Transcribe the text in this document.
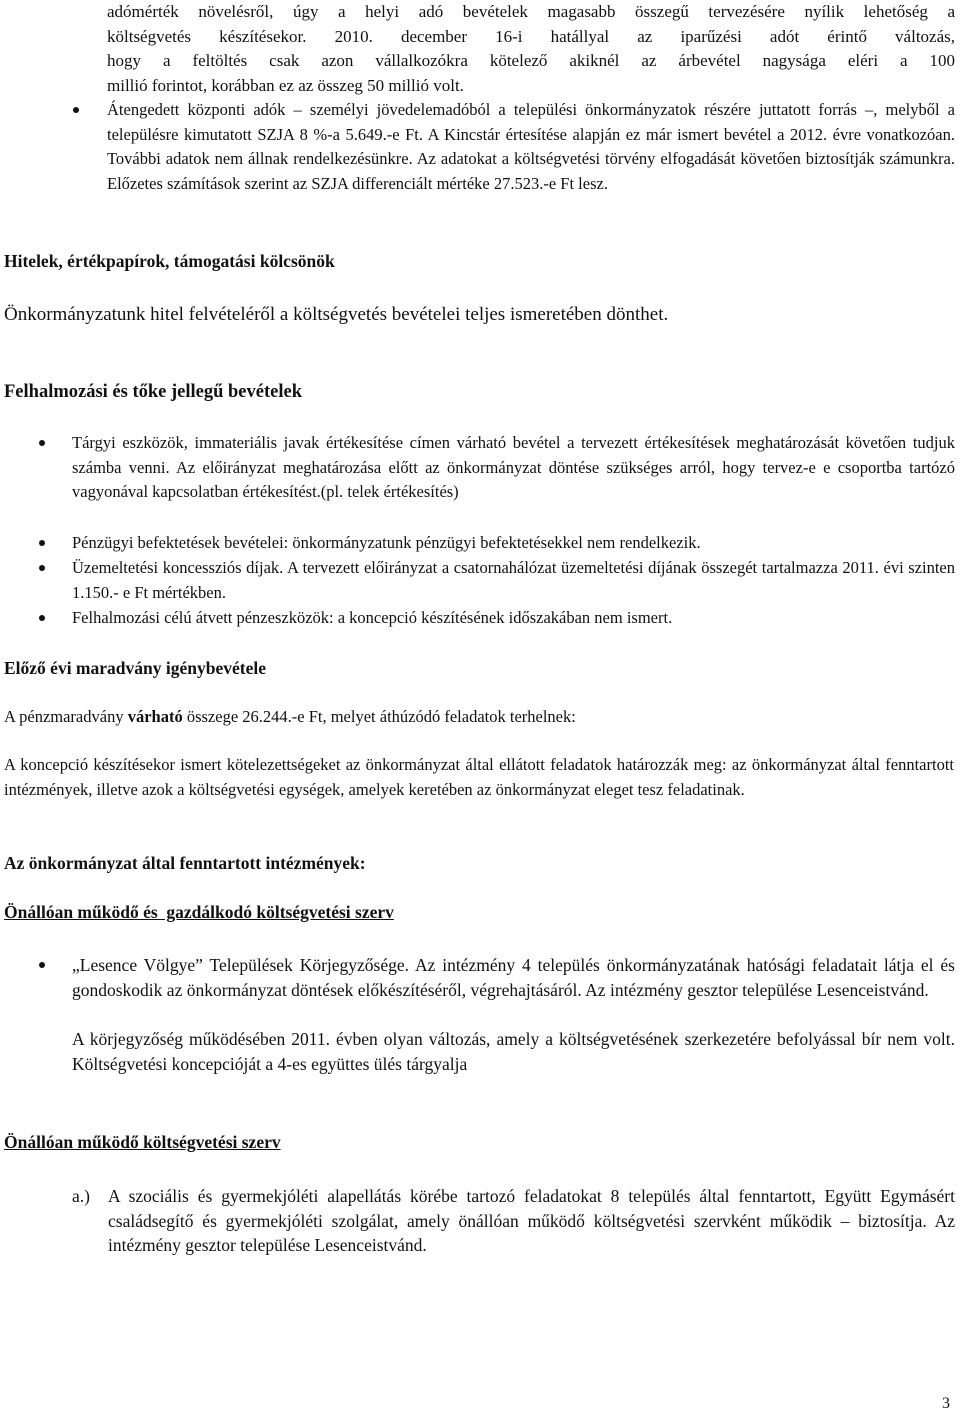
adómérték növelésről, úgy a helyi adó bevételek magasabb összegű tervezésére nyílik lehetőség a
költségvetés készítésekor. 2010. december 16-i hatállyal az iparűzési adót érintő változás,
hogy a feltöltés csak azon vállalkozókra kötelező akiknél az árbevétel nagysága eléri a 100
millió forintot, korábban ez az összeg 50 millió volt.

Átengedett központi adók – személyi jövedelemadóból a települési önkormányzatok részére juttatott forrás –, melyből a településre kimutatott SZJA 8 %-a 5.649.-e Ft. A Kincstár értesítése alapján ez már ismert bevétel a 2012. évre vonatkozóan. További adatok nem állnak rendelkezésünkre. Az adatokat a költségvetési törvény elfogadását követően biztosítják számunkra. Előzetes számítások szerint az SZJA differenciált mértéke 27.523.-e Ft lesz.

Hitelek, értékpapírok, támogatási kölcsönök

Önkormányzatunk hitel felvételéről a költségvetés bevételei teljes ismeretében dönthet.

Felhalmozási és tőke jellegű bevételek

Tárgyi eszközök, immateriális javak értékesítése címen várható bevétel a tervezett értékesítések meghatározását követően tudjuk számba venni. Az előirányzat meghatározása előtt az önkormányzat döntése szükséges arról, hogy tervez-e e csoportba tartózó vagyonával kapcsolatban értékesítést.(pl. telek értékesítés)

Pénzügyi befektetések bevételei: önkormányzatunk pénzügyi befektetésekkel nem rendelkezik.

Üzemeltetési koncessziós díjak. A tervezett előirányzat a csatornahálózat üzemeltetési díjának összegét tartalmazza 2011. évi szinten 1.150.- e Ft mértékben.

Felhalmozási célú átvett pénzeszközök: a koncepció készítésének időszakában nem ismert.

Előző évi maradvány igénybevétele

A pénzmaradvány várható összege 26.244.-e Ft, melyet áthúzódó feladatok terhelnek:

A koncepció készítésekor ismert kötelezettségeket az önkormányzat által ellátott feladatok határozzák meg: az önkormányzat által fenntartott intézmények, illetve azok a költségvetési egységek, amelyek keretében az önkormányzat eleget tesz feladatinak.

Az önkormányzat által fenntartott intézmények:
Önállóan működő és  gazdálkodó költségvetési szerv

„Lesence Völgye” Települések Körjegyzősége. Az intézmény 4 település önkormányzatának hatósági feladatait látja el és gondoskodik az önkormányzat döntések előkészítéséről, végrehajtásáról. Az intézmény gesztor települése Lesenceistvánd.

A körjegyzőség működésében 2011. évben olyan változás, amely a költségvetésének szerkezetére befolyással bír nem volt. Költségvetési koncepcióját a 4-es együttes ülés tárgyalja

Önállóan működő költségvetési szerv
a.) A szociális és gyermekjóléti alapellátás körébe tartozó feladatokat 8 település által fenntartott, Együtt Egymásért családsegítő és gyermekjóléti szolgálat, amely önállóan működő költségvetési szervként működik – biztosítja. Az intézmény gesztor települése Lesenceistvánd.

3
